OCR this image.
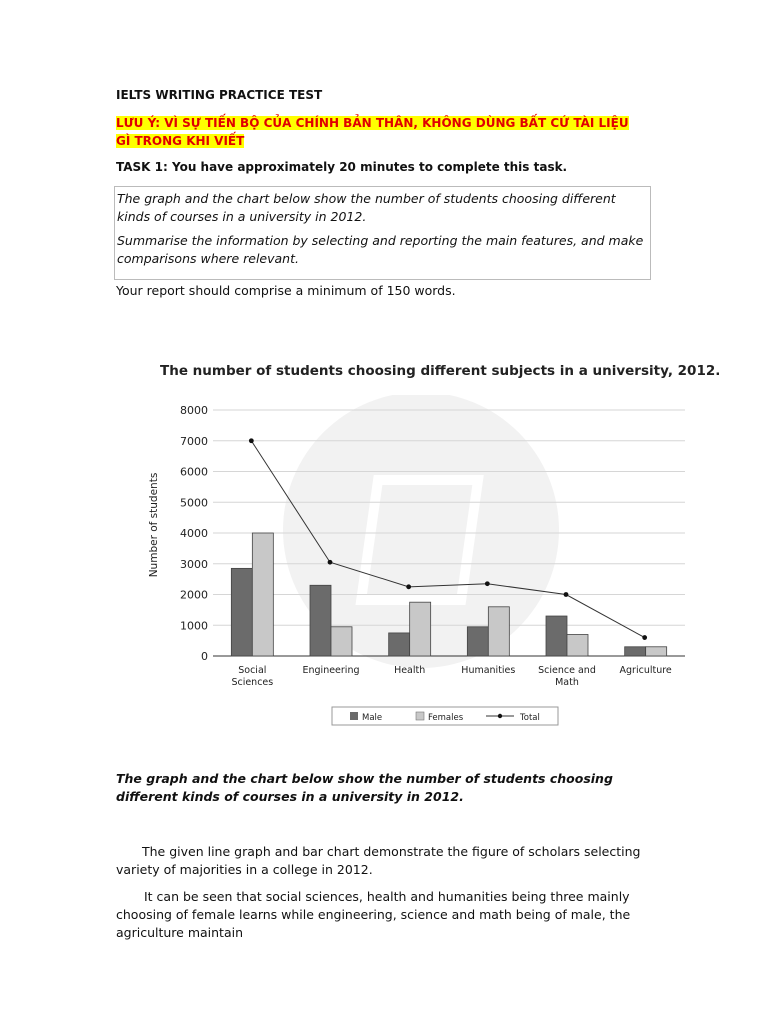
IELTS WRITING PRACTICE TEST
LƯU Ý: VÌ SỰ TIẾN BỘ CỦA CHÍNH BẢN THÂN, KHÔNG DÙNG BẤT CỨ TÀI LIỆU GÌ TRONG KHI VIẾT
TASK 1: You have approximately 20 minutes to complete this task.

The graph and the chart below show the number of students choosing different kinds of courses in a university in 2012.

Summarise the information by selecting and reporting the main features, and make comparisons where relevant.

Your report should comprise a minimum of 150 words.
The number of students choosing different subjects in a university, 2012.
0
1000
2000
3000
4000
5000
6000
7000
8000
Number of students
Social
Sciences
Engineering	Health	Humanities Science and
Math
Agriculture
Male	Females	Total
The graph and the chart below show the number of students choosing different kinds of courses in a university in 2012.
The given line graph and bar chart demonstrate the figure of scholars selecting variety of majorities in a college in 2012.
It can be seen that social sciences, health and humanities being three mainly choosing of female learns while engineering, science and math being of male, the agriculture maintain
